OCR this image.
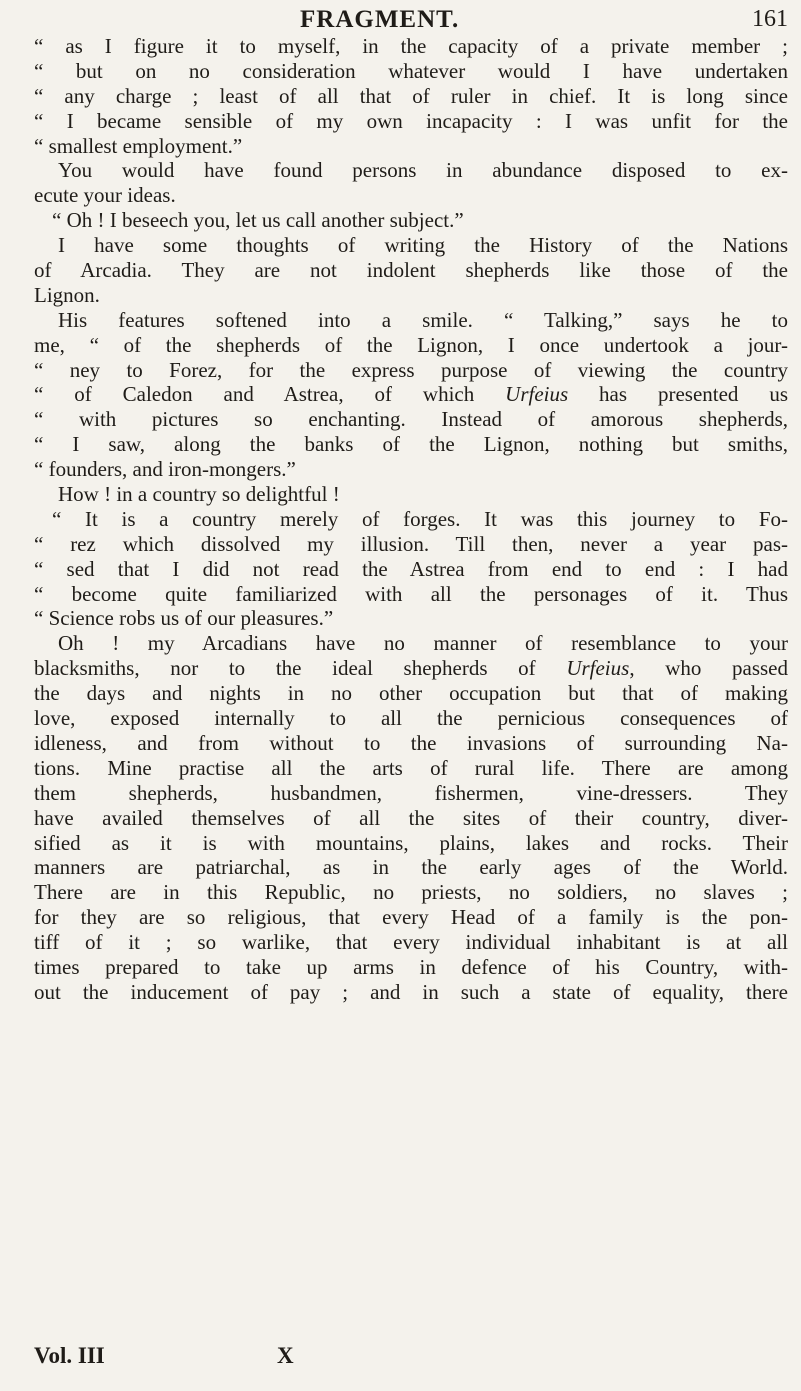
FRAGMENT.	161
“ as I figure it to myself, in the capacity of a private member ;
“ but on no consideration whatever would I have undertaken
“ any charge ; least of all that of ruler in chief. It is long since
“ I became sensible of my own incapacity : I was unfit for the
“ smallest employment.”
You would have found persons in abundance disposed to ex-
ecute your ideas.
“ Oh ! I beseech you, let us call another subject.”
I have some thoughts of writing the History of the Nations
of Arcadia. They are not indolent shepherds like those of the
Lignon.
His features softened into a smile. “ Talking,” says he to
me, “ of the shepherds of the Lignon, I once undertook a jour-
“ ney to Forez, for the express purpose of viewing the country
“ of Caledon and Astrea, of which Urfeius has presented us
“ with pictures so enchanting. Instead of amorous shepherds,
“ I saw, along the banks of the Lignon, nothing but smiths,
“ founders, and iron-mongers.”
How ! in a country so delightful !
“ It is a country merely of forges. It was this journey to Fo-
“ rez which dissolved my illusion. Till then, never a year pas-
“ sed that I did not read the Astrea from end to end : I had
“ become quite familiarized with all the personages of it. Thus
“ Science robs us of our pleasures.”
Oh ! my Arcadians have no manner of resemblance to your
blacksmiths, nor to the ideal shepherds of Urfeius, who passed
the days and nights in no other occupation but that of making
love, exposed internally to all the pernicious consequences of
idleness, and from without to the invasions of surrounding Na-
tions. Mine practise all the arts of rural life. There are among
them shepherds, husbandmen, fishermen, vine-dressers. They
have availed themselves of all the sites of their country, diver-
sified as it is with mountains, plains, lakes and rocks. Their
manners are patriarchal, as in the early ages of the World.
There are in this Republic, no priests, no soldiers, no slaves ;
for they are so religious, that every Head of a family is the pon-
tiff of it ; so warlike, that every individual inhabitant is at all
times prepared to take up arms in defence of his Country, with-
out the inducement of pay ; and in such a state of equality, there
Vol. III	X
